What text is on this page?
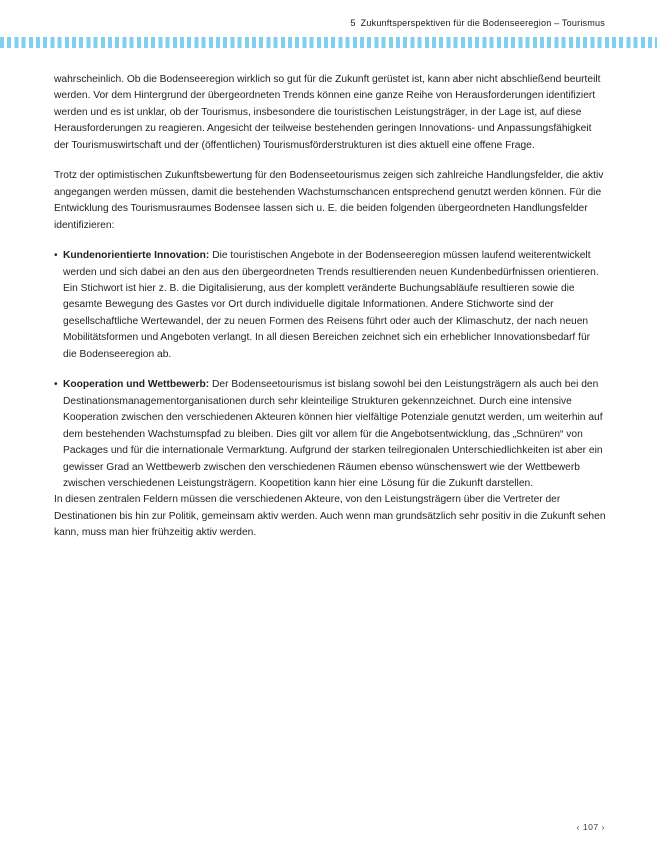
5 Zukunftsperspektiven für die Bodenseeregion – Tourismus

wahrscheinlich. Ob die Bodenseeregion wirklich so gut für die Zukunft gerüstet ist, kann aber nicht abschließend beurteilt werden. Vor dem Hintergrund der übergeordneten Trends können eine ganze Reihe von Herausforderungen identifiziert werden und es ist unklar, ob der Tourismus, insbesondere die touristischen Leistungsträger, in der Lage ist, auf diese Herausforderungen zu reagieren. Angesicht der teilweise bestehenden geringen Innovations- und Anpassungsfähigkeit der Tourismuswirtschaft und der (öffentlichen) Tourismusförderstrukturen ist dies aktuell eine offene Frage.

Trotz der optimistischen Zukunftsbewertung für den Bodenseetourismus zeigen sich zahlreiche Handlungsfelder, die aktiv angegangen werden müssen, damit die bestehenden Wachstumschancen entsprechend genutzt werden können. Für die Entwicklung des Tourismusraumes Bodensee lassen sich u. E. die beiden folgenden übergeordneten Handlungsfelder identifizieren:

• Kundenorientierte Innovation: Die touristischen Angebote in der Bodenseeregion müssen laufend weiterentwickelt werden und sich dabei an den aus den übergeordneten Trends resultierenden neuen Kundenbedürfnissen orientieren. Ein Stichwort ist hier z. B. die Digitalisierung, aus der komplett veränderte Buchungsabläufe resultieren sowie die gesamte Bewegung des Gastes vor Ort durch individuelle digitale Informationen. Andere Stichworte sind der gesellschaftliche Wertewandel, der zu neuen Formen des Reisens führt oder auch der Klimaschutz, der nach neuen Mobilitätsformen und Angeboten verlangt. In all diesen Bereichen zeichnet sich ein erheblicher Innovationsbedarf für die Bodenseeregion ab.
• Kooperation und Wettbewerb: Der Bodenseetourismus ist bislang sowohl bei den Leistungsträgern als auch bei den Destinationsmanagementorganisationen durch sehr kleinteilige Strukturen gekennzeichnet. Durch eine intensive Kooperation zwischen den verschiedenen Akteuren können hier vielfältige Potenziale genutzt werden, um weiterhin auf dem bestehenden Wachstumspfad zu bleiben. Dies gilt vor allem für die Angebotsentwicklung, das „Schnüren“ von Packages und für die internationale Vermarktung. Aufgrund der starken teilregionalen Unterschiedlichkeiten ist aber ein gewisser Grad an Wettbewerb zwischen den verschiedenen Räumen ebenso wünschenswert wie der Wettbewerb zwischen verschiedenen Leistungsträgern. Koopetition kann hier eine Lösung für die Zukunft darstellen.

In diesen zentralen Feldern müssen die verschiedenen Akteure, von den Leistungsträgern über die Vertreter der Destinationen bis hin zur Politik, gemeinsam aktiv werden. Auch wenn man grundsätzlich sehr positiv in die Zukunft sehen kann, muss man hier frühzeitig aktiv werden.

‹ 107 ›
